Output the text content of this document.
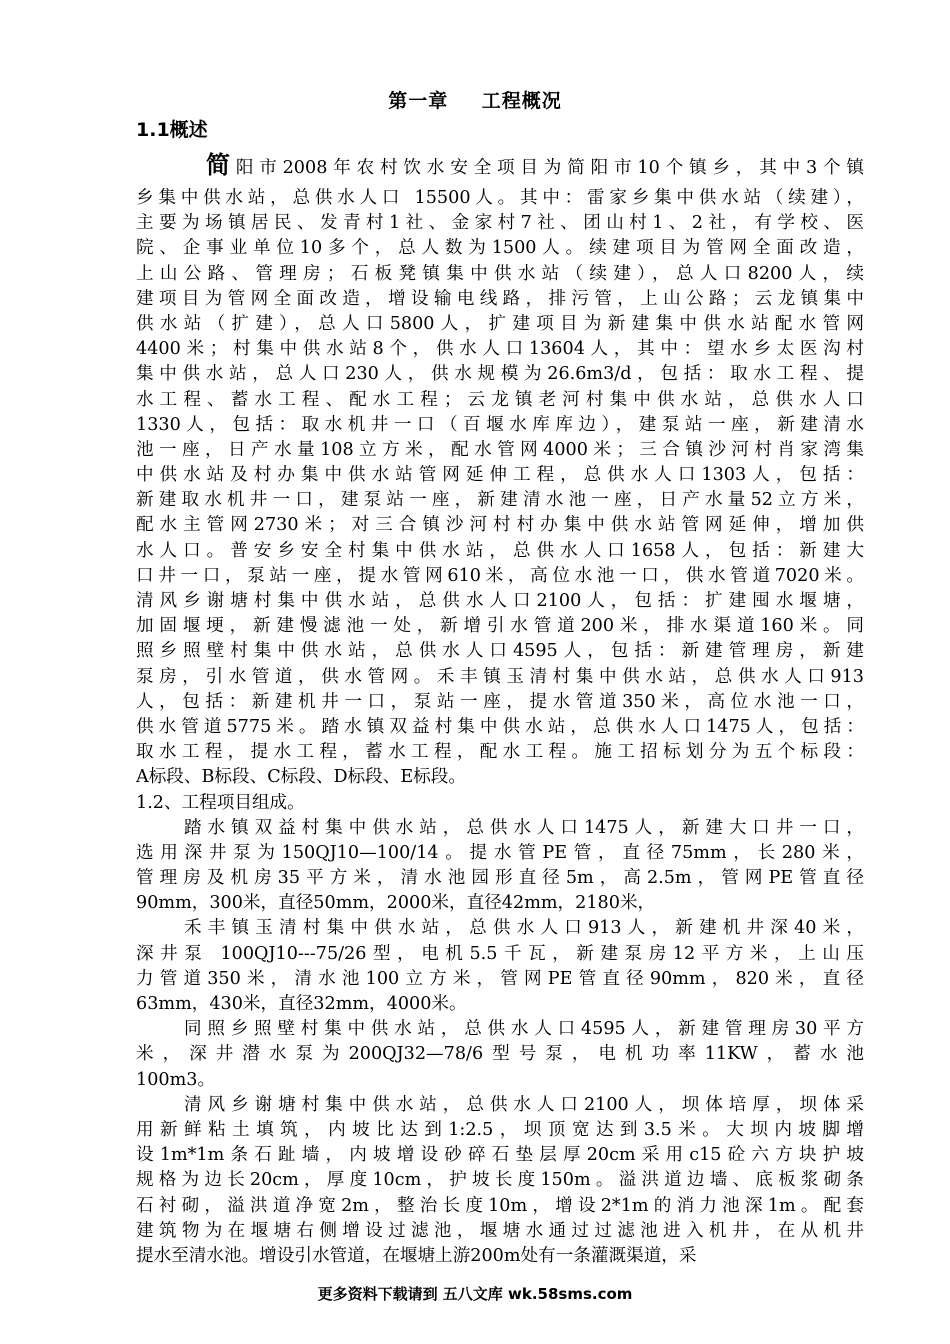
第一章 工程概况
1.1概述
简阳市2008年农村饮水安全项目为简阳市10个镇乡，其中3个镇
乡集中供水站，总供水人口 15500人。其中：雷家乡集中供水站（续建），
主要为场镇居民、发青村1社、金家村7社、团山村1、2社，有学校、医
院、企事业单位10多个，总人数为1500人。续建项目为管网全面改造，
上山公路、管理房；石板凳镇集中供水站（续建），总人口8200人，续
建项目为管网全面改造，增设输电线路，排污管，上山公路；云龙镇集中
供水站（扩建），总人口5800人，扩建项目为新建集中供水站配水管网
4400米；村集中供水站8个，供水人口13604人，其中：望水乡太医沟村
集中供水站，总人口230人，供水规模为26.6m3/d，包括：取水工程、提
水工程、蓄水工程、配水工程；云龙镇老河村集中供水站，总供水人口
1330人，包括：取水机井一口（百堰水库库边），建泵站一座，新建清水
池一座，日产水量108立方米，配水管网4000米；三合镇沙河村肖家湾集
中供水站及村办集中供水站管网延伸工程，总供水人口1303人，包括：
新建取水机井一口，建泵站一座，新建清水池一座，日产水量52立方米，
配水主管网2730米；对三合镇沙河村村办集中供水站管网延伸，增加供
水人口。普安乡安全村集中供水站，总供水人口1658人，包括：新建大
口井一口，泵站一座，提水管网610米，高位水池一口，供水管道7020米。
清风乡谢塘村集中供水站，总供水人口2100人，包括：扩建囤水堰塘，
加固堰埂，新建慢滤池一处，新增引水管道200米，排水渠道160米。同
照乡照壁村集中供水站，总供水人口4595人，包括：新建管理房，新建
泵房，引水管道，供水管网。禾丰镇玉清村集中供水站，总供水人口913
人，包括：新建机井一口，泵站一座，提水管道350米，高位水池一口，
供水管道5775米。踏水镇双益村集中供水站，总供水人口1475人，包括：
取水工程，提水工程，蓄水工程，配水工程。施工招标划分为五个标段：
A标段、B标段、C标段、D标段、E标段。
1.2、工程项目组成。
踏水镇双益村集中供水站，总供水人口1475人，新建大口井一口，
选用深井泵为150QJ10—100/14。提水管PE管，直径75mm，长280米，
管理房及机房35平方米，清水池园形直径5m，高2.5m，管网PE管直径
90mm，300米，直径50mm，2000米，直径42mm，2180米，
禾丰镇玉清村集中供水站，总供水人口913人，新建机井深40米，
深井泵 100QJ10---75/26型，电机5.5千瓦，新建泵房12平方米，上山压
力管道350米，清水池100立方米，管网PE管直径90mm，820米，直径
63mm，430米，直径32mm，4000米。
同照乡照壁村集中供水站，总供水人口4595人，新建管理房30平方
米，深井潜水泵为200QJ32—78/6型号泵，电机功率11KW，蓄水池
100m3。
清风乡谢塘村集中供水站，总供水人口2100人，坝体培厚，坝体采
用新鲜粘土填筑，内坡比达到1:2.5，坝顶宽达到3.5米。大坝内坡脚增
设1m*1m条石趾墙，内坡增设砂碎石垫层厚20cm采用c15砼六方块护坡
规格为边长20cm，厚度10cm，护坡长度150m。溢洪道边墙、底板浆砌条
石衬砌，溢洪道净宽2m，整治长度10m，增设2*1m的消力池深1m。配套
建筑物为在堰塘右侧增设过滤池，堰塘水通过过滤池进入机井，在从机井
提水至清水池。增设引水管道，在堰塘上游200m处有一条灌溉渠道，采
更多资料下载请到 五八文库 wk.58sms.com
